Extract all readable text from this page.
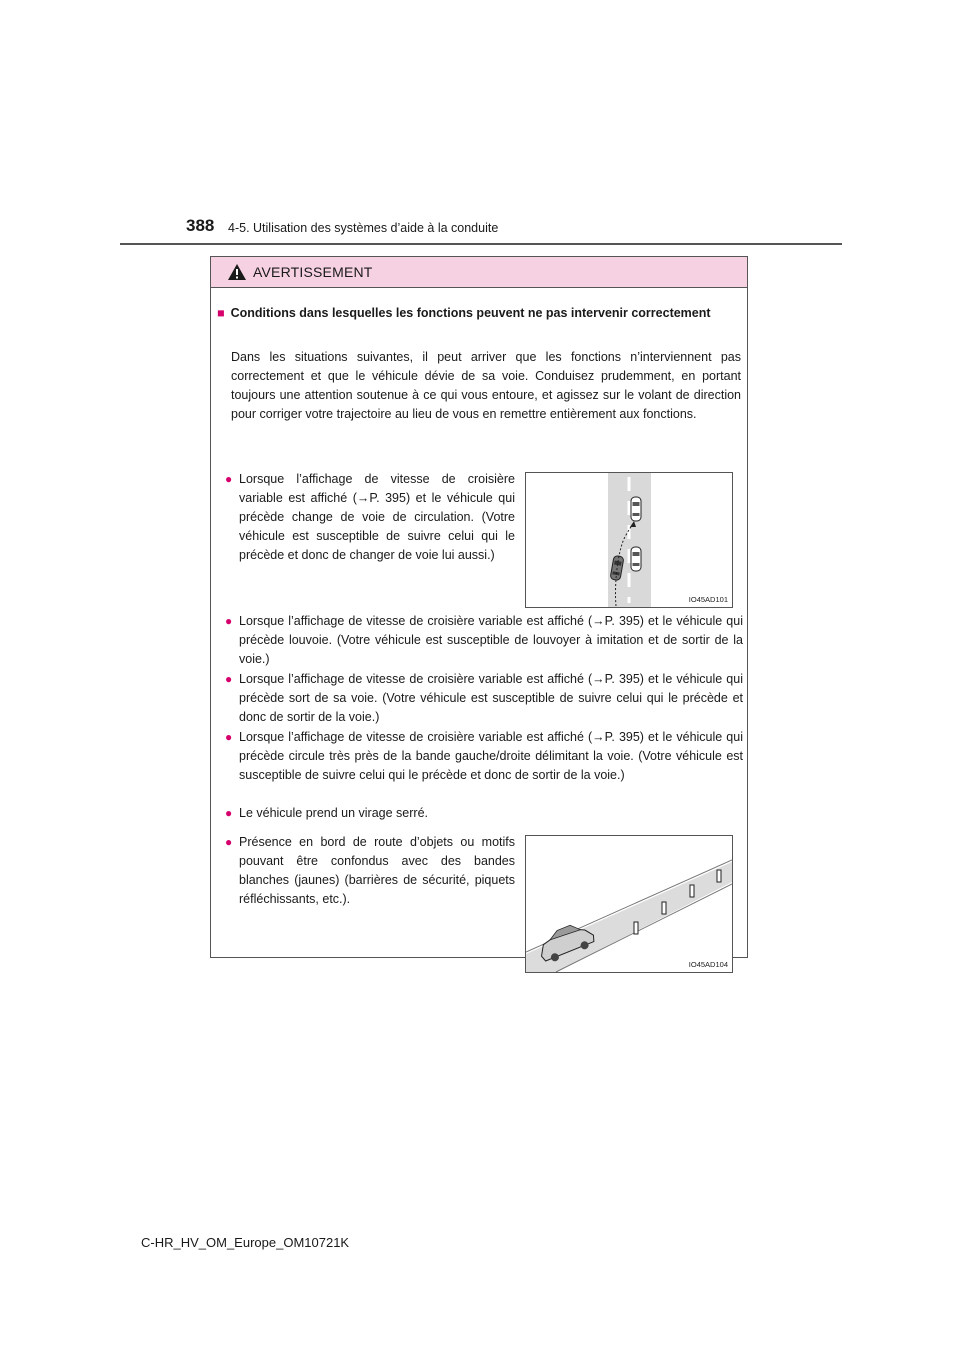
388 4-5. Utilisation des systèmes d’aide à la conduite
AVERTISSEMENT
■ Conditions dans lesquelles les fonctions peuvent ne pas intervenir correctement
Dans les situations suivantes, il peut arriver que les fonctions n’interviennent pas correctement et que le véhicule dévie de sa voie. Conduisez prudemment, en portant toujours une attention soutenue à ce qui vous entoure, et agissez sur le volant de direction pour corriger votre trajectoire au lieu de vous en remettre entièrement aux fonctions.
● Lorsque l’affichage de vitesse de croisière variable est affiché (→P. 395) et le véhicule qui précède change de voie de circulation. (Votre véhicule est susceptible de suivre celui qui le précède et donc de changer de voie lui aussi.)
IO45AD101
● Lorsque l’affichage de vitesse de croisière variable est affiché (→P. 395) et le véhicule qui précède louvoie. (Votre véhicule est susceptible de louvoyer à imitation et de sortir de la voie.)
● Lorsque l’affichage de vitesse de croisière variable est affiché (→P. 395) et le véhicule qui précède sort de sa voie. (Votre véhicule est susceptible de suivre celui qui le précède et donc de sortir de la voie.)
● Lorsque l’affichage de vitesse de croisière variable est affiché (→P. 395) et le véhicule qui précède circule très près de la bande gauche/droite délimitant la voie. (Votre véhicule est susceptible de suivre celui qui le précède et donc de sortir de la voie.)
● Le véhicule prend un virage serré.
● Présence en bord de route d’objets ou motifs pouvant être confondus avec des bandes blanches (jaunes) (barrières de sécurité, piquets réfléchissants, etc.).
IO45AD104
C-HR_HV_OM_Europe_OM10721K
